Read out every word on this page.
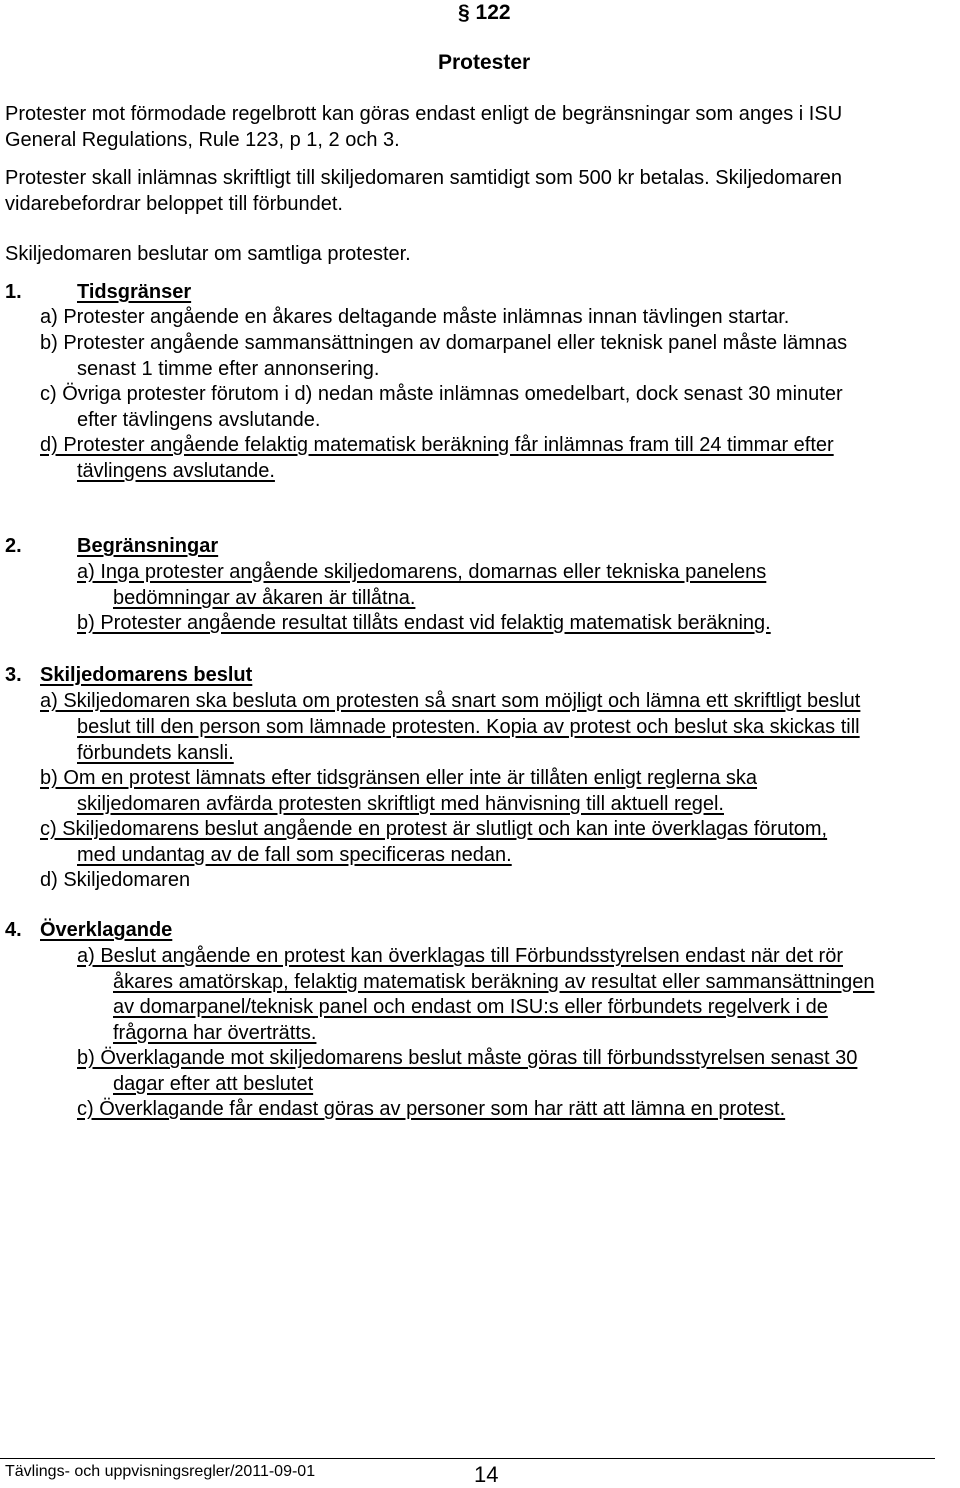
§ 122
Protester
Protester mot förmodade regelbrott kan göras endast enligt de begränsningar som anges i ISU
General Regulations, Rule 123, p 1, 2 och 3.
Protester skall inlämnas skriftligt till skiljedomaren samtidigt som 500 kr betalas. Skiljedomaren
vidarebefordrar beloppet till förbundet.
Skiljedomaren beslutar om samtliga protester.
1.	Tidsgränser
a) Protester angående en åkares deltagande måste inlämnas innan tävlingen startar.
b) Protester angående sammansättningen av domarpanel eller teknisk panel måste lämnas
senast 1 timme efter annonsering.
c) Övriga protester förutom i d) nedan måste inlämnas omedelbart, dock senast 30 minuter
efter tävlingens avslutande.
d) Protester angående felaktig matematisk beräkning får inlämnas fram till 24 timmar efter
tävlingens avslutande.
2.	Begränsningar
a) Inga protester angående skiljedomarens, domarnas eller tekniska panelens
bedömningar av åkaren är tillåtna.
b) Protester angående resultat tillåts endast vid felaktig matematisk beräkning.
3. Skiljedomarens beslut
a) Skiljedomaren ska besluta om protesten så snart som möjligt och lämna ett skriftligt beslut
beslut till den person som lämnade protesten. Kopia av protest och beslut ska skickas till
förbundets kansli.
b) Om en protest lämnats efter tidsgränsen eller inte är tillåten enligt reglerna ska
skiljedomaren avfärda protesten skriftligt med hänvisning till aktuell regel.
c) Skiljedomarens beslut angående en protest är slutligt och kan inte överklagas förutom,
med undantag av de fall som specificeras nedan.
d) Skiljedomaren
4. Överklagande
a) Beslut angående en protest kan överklagas till Förbundsstyrelsen endast när det rör
åkares amatörskap, felaktig matematisk beräkning av resultat eller sammansättningen
av domarpanel/teknisk panel och endast om ISU:s eller förbundets regelverk i de
frågorna har överträtts.
b) Överklagande mot skiljedomarens beslut måste göras till förbundsstyrelsen senast 30
dagar efter att beslutet
c) Överklagande får endast göras av personer som har rätt att lämna en protest.
Tävlings- och uppvisningsregler/2011-09-01	14
